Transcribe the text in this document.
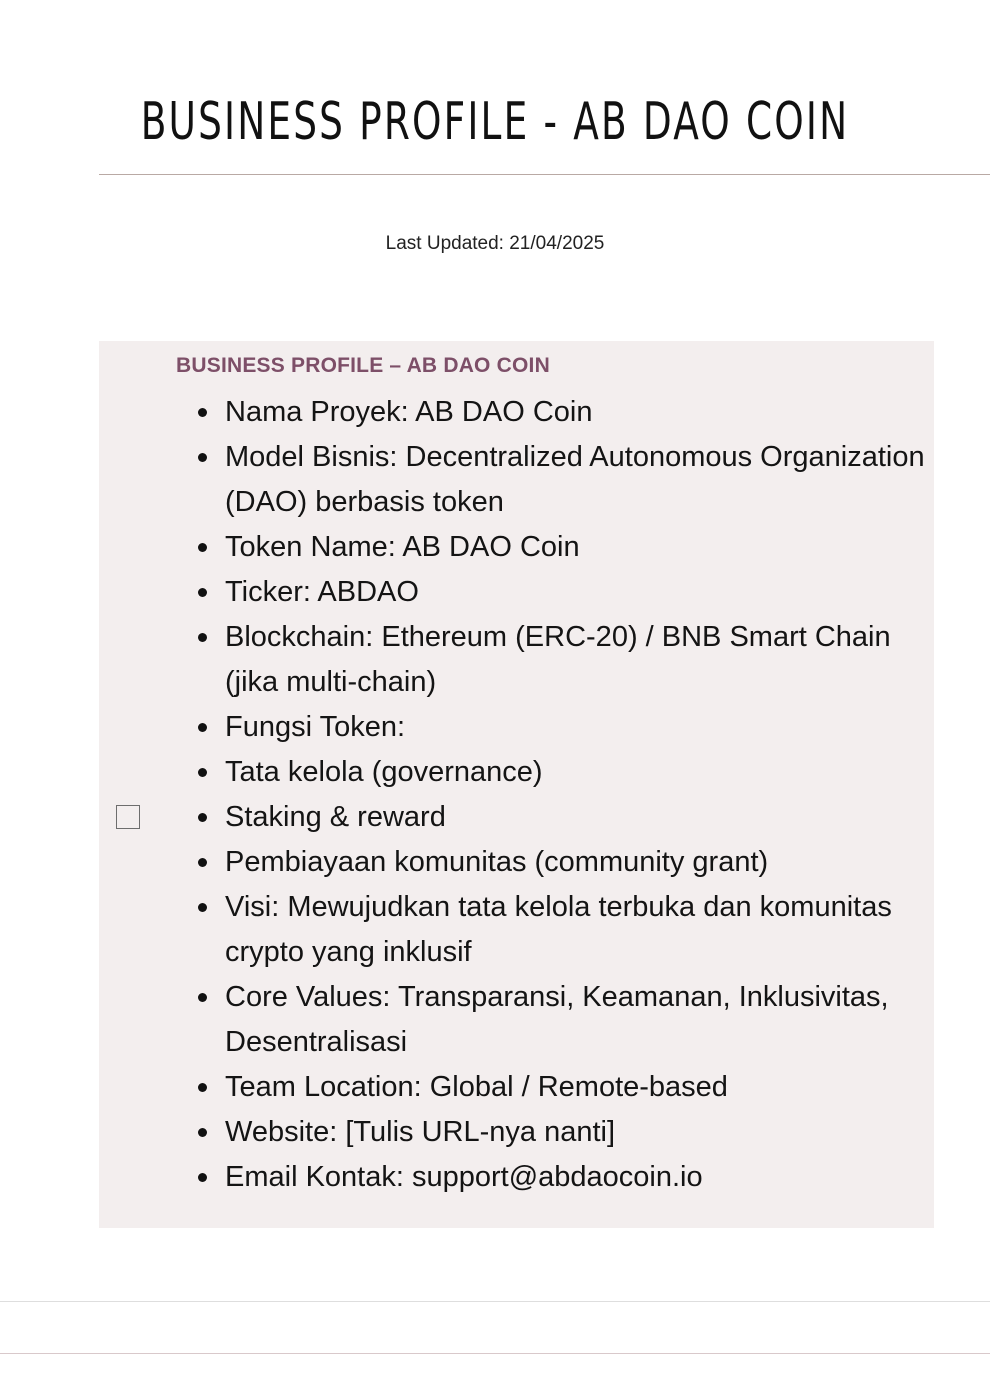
BUSINESS PROFILE - AB DAO COIN
Last Updated: 21/04/2025
BUSINESS PROFILE – AB DAO COIN
Nama Proyek: AB DAO Coin
Model Bisnis: Decentralized Autonomous Organization (DAO) berbasis token
Token Name: AB DAO Coin
Ticker: ABDAO
Blockchain: Ethereum (ERC-20) / BNB Smart Chain (jika multi-chain)
Fungsi Token:
Tata kelola (governance)
Staking & reward
Pembiayaan komunitas (community grant)
Visi: Mewujudkan tata kelola terbuka dan komunitas crypto yang inklusif
Core Values: Transparansi, Keamanan, Inklusivitas, Desentralisasi
Team Location: Global / Remote-based
Website: [Tulis URL-nya nanti]
Email Kontak: support@abdaocoin.io
